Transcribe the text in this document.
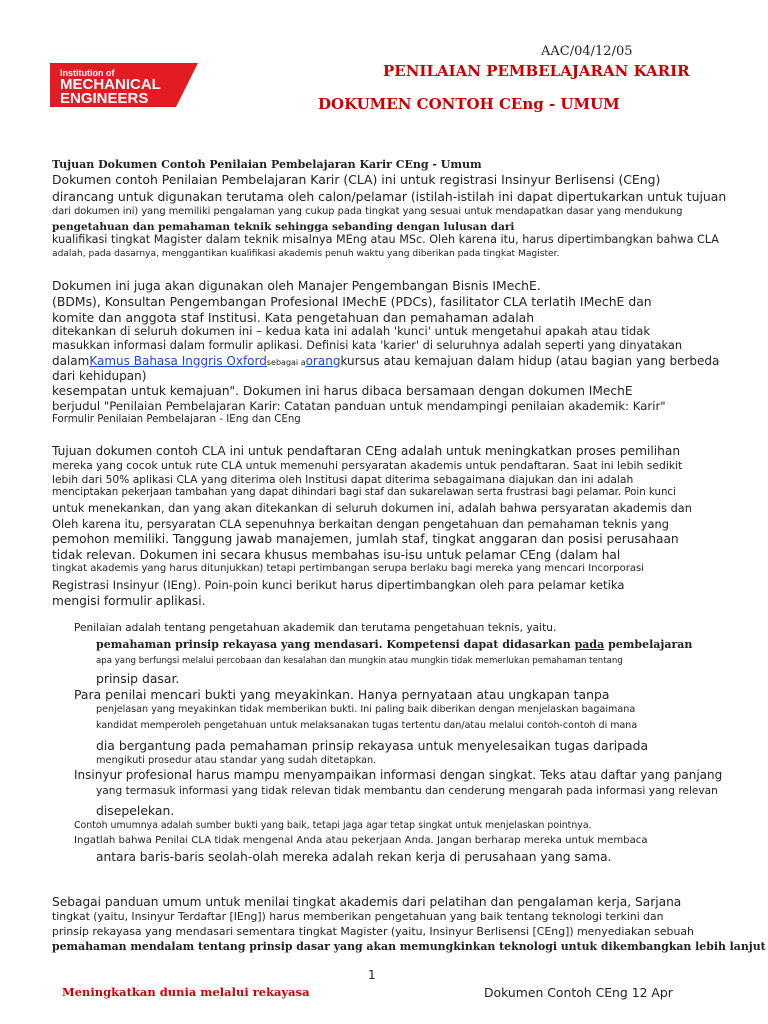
AAC/04/12/05
Institution of
MECHANICAL
ENGINEERS
PENILAIAN PEMBELAJARAN KARIR
DOKUMEN CONTOH CEng - UMUM
Tujuan Dokumen Contoh Penilaian Pembelajaran Karir CEng - Umum
Dokumen contoh Penilaian Pembelajaran Karir (CLA) ini untuk registrasi Insinyur Berlisensi (CEng)
dirancang untuk digunakan terutama oleh calon/pelamar (istilah-istilah ini dapat dipertukarkan untuk tujuan
dari dokumen ini) yang memiliki pengalaman yang cukup pada tingkat yang sesuai untuk mendapatkan dasar yang mendukung
pengetahuan dan pemahaman teknik sehingga sebanding dengan lulusan dari
kualifikasi tingkat Magister dalam teknik misalnya MEng atau MSc. Oleh karena itu, harus dipertimbangkan bahwa CLA
adalah, pada dasarnya, menggantikan kualifikasi akademis penuh waktu yang diberikan pada tingkat Magister.
Dokumen ini juga akan digunakan oleh Manajer Pengembangan Bisnis IMechE.
(BDMs), Konsultan Pengembangan Profesional IMechE (PDCs), fasilitator CLA terlatih IMechE dan
komite dan anggota staf Institusi. Kata pengetahuan dan pemahaman adalah
ditekankan di seluruh dokumen ini – kedua kata ini adalah 'kunci' untuk mengetahui apakah atau tidak
masukkan informasi dalam formulir aplikasi. Definisi kata 'karier' di seluruhnya adalah seperti yang dinyatakan
dalamKamus Bahasa Inggris Oxfordsebagai aorangkursus atau kemajuan dalam hidup (atau bagian yang berbeda
dari kehidupan)
kesempatan untuk kemajuan". Dokumen ini harus dibaca bersamaan dengan dokumen IMechE
berjudul "Penilaian Pembelajaran Karir: Catatan panduan untuk mendampingi penilaian akademik: Karir"
Formulir Penilaian Pembelajaran - IEng dan CEng
Tujuan dokumen contoh CLA ini untuk pendaftaran CEng adalah untuk meningkatkan proses pemilihan
mereka yang cocok untuk rute CLA untuk memenuhi persyaratan akademis untuk pendaftaran. Saat ini lebih sedikit
lebih dari 50% aplikasi CLA yang diterima oleh Institusi dapat diterima sebagaimana diajukan dan ini adalah
menciptakan pekerjaan tambahan yang dapat dihindari bagi staf dan sukarelawan serta frustrasi bagi pelamar. Poin kunci
untuk menekankan, dan yang akan ditekankan di seluruh dokumen ini, adalah bahwa persyaratan akademis dan
Oleh karena itu, persyaratan CLA sepenuhnya berkaitan dengan pengetahuan dan pemahaman teknis yang
pemohon memiliki. Tanggung jawab manajemen, jumlah staf, tingkat anggaran dan posisi perusahaan
tidak relevan. Dokumen ini secara khusus membahas isu-isu untuk pelamar CEng (dalam hal
tingkat akademis yang harus ditunjukkan) tetapi pertimbangan serupa berlaku bagi mereka yang mencari Incorporasi
Registrasi Insinyur (IEng). Poin-poin kunci berikut harus dipertimbangkan oleh para pelamar ketika
mengisi formulir aplikasi.
Penilaian adalah tentang pengetahuan akademik dan terutama pengetahuan teknis, yaitu.
pemahaman prinsip rekayasa yang mendasari. Kompetensi dapat didasarkan pada pembelajaran
apa yang berfungsi melalui percobaan dan kesalahan dan mungkin atau mungkin tidak memerlukan pemahaman tentang
prinsip dasar.
Para penilai mencari bukti yang meyakinkan. Hanya pernyataan atau ungkapan tanpa
penjelasan yang meyakinkan tidak memberikan bukti. Ini paling baik diberikan dengan menjelaskan bagaimana
kandidat memperoleh pengetahuan untuk melaksanakan tugas tertentu dan/atau melalui contoh-contoh di mana
dia bergantung pada pemahaman prinsip rekayasa untuk menyelesaikan tugas daripada
mengikuti prosedur atau standar yang sudah ditetapkan.
Insinyur profesional harus mampu menyampaikan informasi dengan singkat. Teks atau daftar yang panjang
yang termasuk informasi yang tidak relevan tidak membantu dan cenderung mengarah pada informasi yang relevan
disepelekan.
Contoh umumnya adalah sumber bukti yang baik, tetapi jaga agar tetap singkat untuk menjelaskan pointnya.
Ingatlah bahwa Penilai CLA tidak mengenal Anda atau pekerjaan Anda. Jangan berharap mereka untuk membaca
antara baris-baris seolah-olah mereka adalah rekan kerja di perusahaan yang sama.
Sebagai panduan umum untuk menilai tingkat akademis dari pelatihan dan pengalaman kerja, Sarjana
tingkat (yaitu, Insinyur Terdaftar [IEng]) harus memberikan pengetahuan yang baik tentang teknologi terkini dan
prinsip rekayasa yang mendasari sementara tingkat Magister (yaitu, Insinyur Berlisensi [CEng]) menyediakan sebuah
pemahaman mendalam tentang prinsip dasar yang akan memungkinkan teknologi untuk dikembangkan lebih lanjut
1
Meningkatkan dunia melalui rekayasa	Dokumen Contoh CEng 12 Apr
